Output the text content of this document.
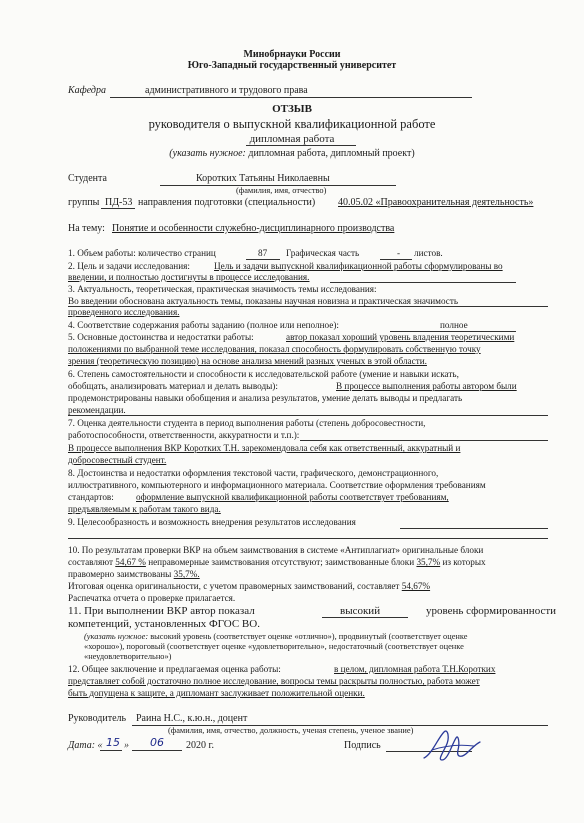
Минобрнауки России
Юго-Западный государственный университет
Кафедра	административного и трудового права
ОТЗЫВ
руководителя о выпускной квалификационной работе
дипломная работа
(указать нужное: дипломная работа, дипломный проект)
Студента	Коротких Татьяны Николаевны
(фамилия, имя, отчество)
группы ПД-53 направления подготовки (специальности) 40.05.02 «Правоохранительная деятельность»
На тему: Понятие и особенности служебно-дисциплинарного производства
1. Объем работы: количество страниц	87 Графическая часть	- листов.
2. Цель и задачи исследования:	Цель и задачи выпускной квалификационной работы сформулированы во
введении, и полностью достигнуты в процессе исследования.
3. Актуальность, теоретическая, практическая значимость темы исследования:
Во введении обоснована актуальность темы, показаны научная новизна и практическая значимость
проведенного исследования.
4. Соответствие содержания работы заданию (полное или неполное):	полное
5. Основные достоинства и недостатки работы:	автор показал хороший уровень владения теоретическими
положениями по выбранной теме исследования, показал способность формулировать собственную точку
зрения (теоретическую позицию) на основе анализа мнений разных ученых в этой области.
6. Степень самостоятельности и способности к исследовательской работе (умение и навыки искать,
обобщать, анализировать материал и делать выводы):	В процессе выполнения работы автором были
продемонстрированы навыки обобщения и анализа результатов, умение делать выводы и предлагать
рекомендации.
7. Оценка деятельности студента в период выполнения работы (степень добросовестности,
работоспособности, ответственности, аккуратности и т.п.):
В процессе выполнения ВКР Коротких Т.Н. зарекомендовала себя как ответственный, аккуратный и
добросовестный студент.
8. Достоинства и недостатки оформления текстовой части, графического, демонстрационного,
иллюстративного, компьютерного и информационного материала. Соответствие оформления требованиям
стандартов: оформление выпускной квалификационной работы соответствует требованиям,
предъявляемым к работам такого вида.
9. Целесообразность и возможность внедрения результатов исследования
10. По результатам проверки ВКР на объем заимствования в системе «Антиплагиат» оригинальные блоки
составляют 54,67 % неправомерные заимствования отсутствуют; заимствованные блоки 35,7% из которых
правомерно заимствованы 35,7%.
Итоговая оценка оригинальности, с учетом правомерных заимствований, составляет 54,67%
Распечатка отчета о проверке прилагается.
11. При выполнении ВКР автор показал	высокий	уровень сформированности
компетенций, установленных ФГОС ВО.
(указать нужное: высокий уровень (соответствует оценке «отлично»), продвинутый (соответствует оценке
«хорошо»), пороговый (соответствует оценке «удовлетворительно», недостаточный (соответствует оценке
«неудовлетворительно»)
12. Общее заключение и предлагаемая оценка работы:	в целом, дипломная работа Т.Н.Коротких
представляет собой достаточно полное исследование, вопросы темы раскрыты полностью, работа может
быть допущена к защите, а дипломант заслуживает положительной оценки.
Руководитель Раина Н.С., к.ю.н., доцент
(фамилия, имя, отчество, должность, ученая степень, ученое звание)
Дата: « 15 » 06 2020 г.	Подпись
